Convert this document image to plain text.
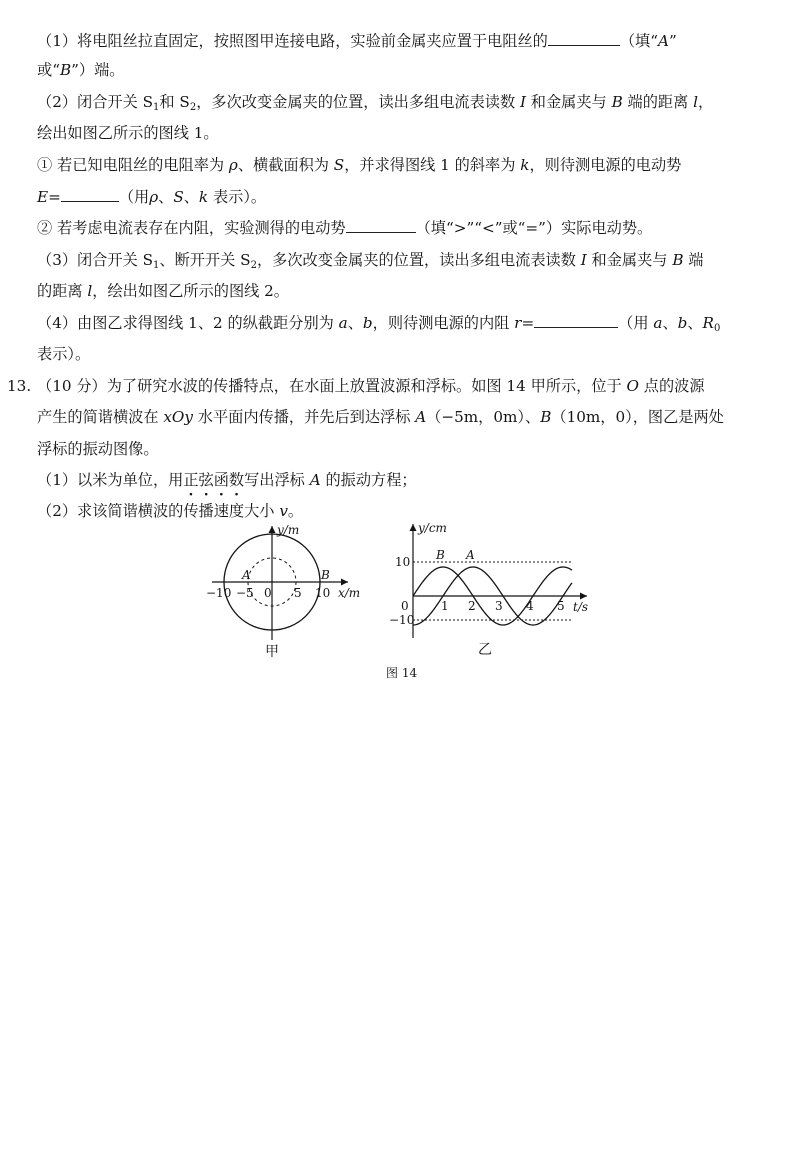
（1）将电阻丝拉直固定，按照图甲连接电路，实验前金属夹应置于电阻丝的	（填“A”
或“B”）端。
（2）闭合开关 $S_1$和 $S_2$，多次改变金属夹的位置，读出多组电流表读数 I 和金属夹与 B 端的距离 l，
绘出如图乙所示的图线 1。
① 若已知电阻丝的电阻率为 ρ、横截面积为 S，并求得图线 1 的斜率为 k，则待测电源的电动势
E=	（用ρ、S、k 表示）。
② 若考虑电流表存在内阻，实验测得的电动势	（填“>”“<”或“=”）实际电动势。
（3）闭合开关 $S_1$、断开开关 $S_2$，多次改变金属夹的位置，读出多组电流表读数 I 和金属夹与 B 端
的距离 l，绘出如图乙所示的图线 2。
（4）由图乙求得图线 1、2 的纵截距分别为 a、b，则待测电源的内阻 r=	（用 a、b、$R_0$
表示）。
13. （10 分）为了研究水波的传播特点，在水面上放置波源和浮标。如图 14 甲所示，位于 O 点的波源
产生的简谐横波在 xOy 水平面内传播，并先后到达浮标 A（−5m，0m）、B（10m，0），图乙是两处
浮标的振动图像。
（1）以米为单位，用正弦函数写出浮标 A 的振动方程；
（2）求该简谐横波的传播速度大小 v。
y/m
x/m
−10 −5 0 5 10
A	B
甲
y/cm
t/s
10
0
−10
1 2 3 4 5
B A
乙
图 14
